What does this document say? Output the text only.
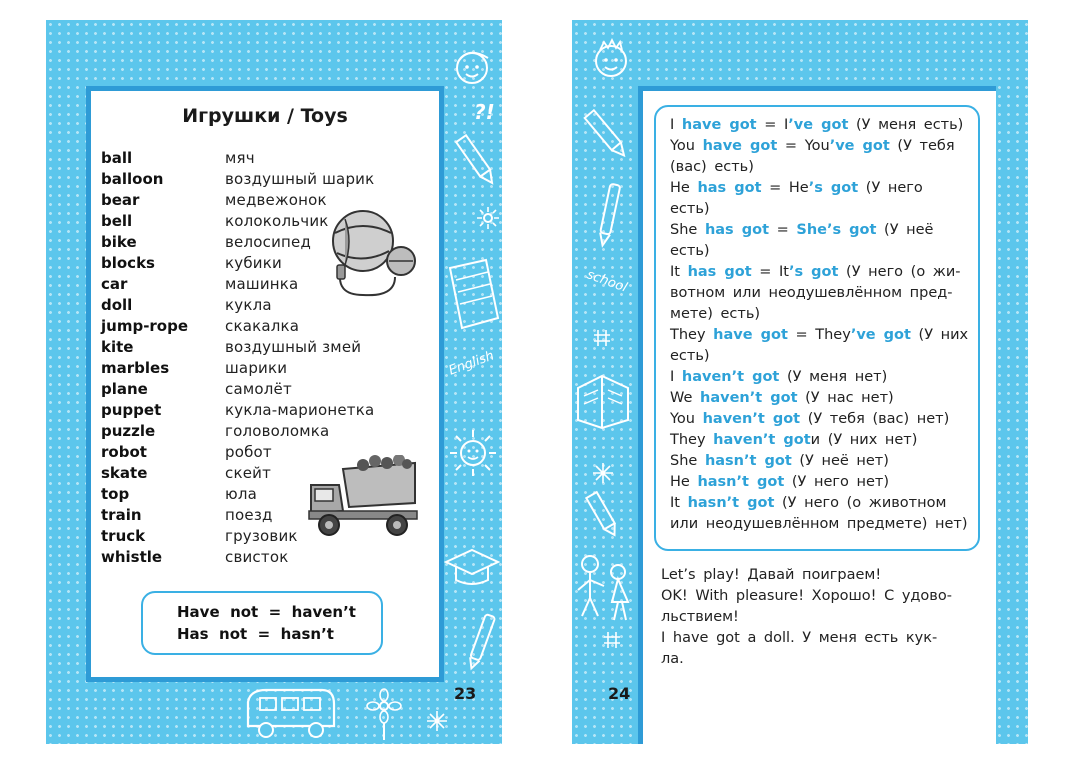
?!
English
Игрушки / Toys
ball	мяч
balloon	воздушный шарик
bear	медвежонок
bell	колокольчик
bike	велосипед
blocks	кубики
car	машинка
doll	кукла
jump-rope скакалка
kite	воздушный змей
marbles	шарики
plane	самолёт
puppet	кукла-марионетка
puzzle	головоломка
robot	робот
skate	скейт
top	юла
train	поезд
truck	грузовик
whistle	свисток
Have  not  =  haven’t
Has  not  =  hasn’t
23
school
I have got = I’ve got (У меня есть)
You have got = You’ve got (У тебя
(вас) есть)
He has got = He’s got (У него
есть)
She has got = She’s got (У неё
есть)
It has got = It’s got (У него (о жи-
вотном или неодушевлённом пред-
мете) есть)
They have got = They’ve got (У них
есть)
I haven’t got (У меня нет)
We haven’t got (У нас нет)
You haven’t got (У тебя (вас) нет)
They haven’t gotи (У них нет)
She hasn’t got (У неё нет)
He hasn’t got (У него нет)
It hasn’t got (У него (о животном
или неодушевлённом предмете) нет)
Let’s play! Давай поиграем!
OK! With pleasure! Хорошо! С удово-
льствием!
I have got a doll. У меня есть кук-
ла.
24
